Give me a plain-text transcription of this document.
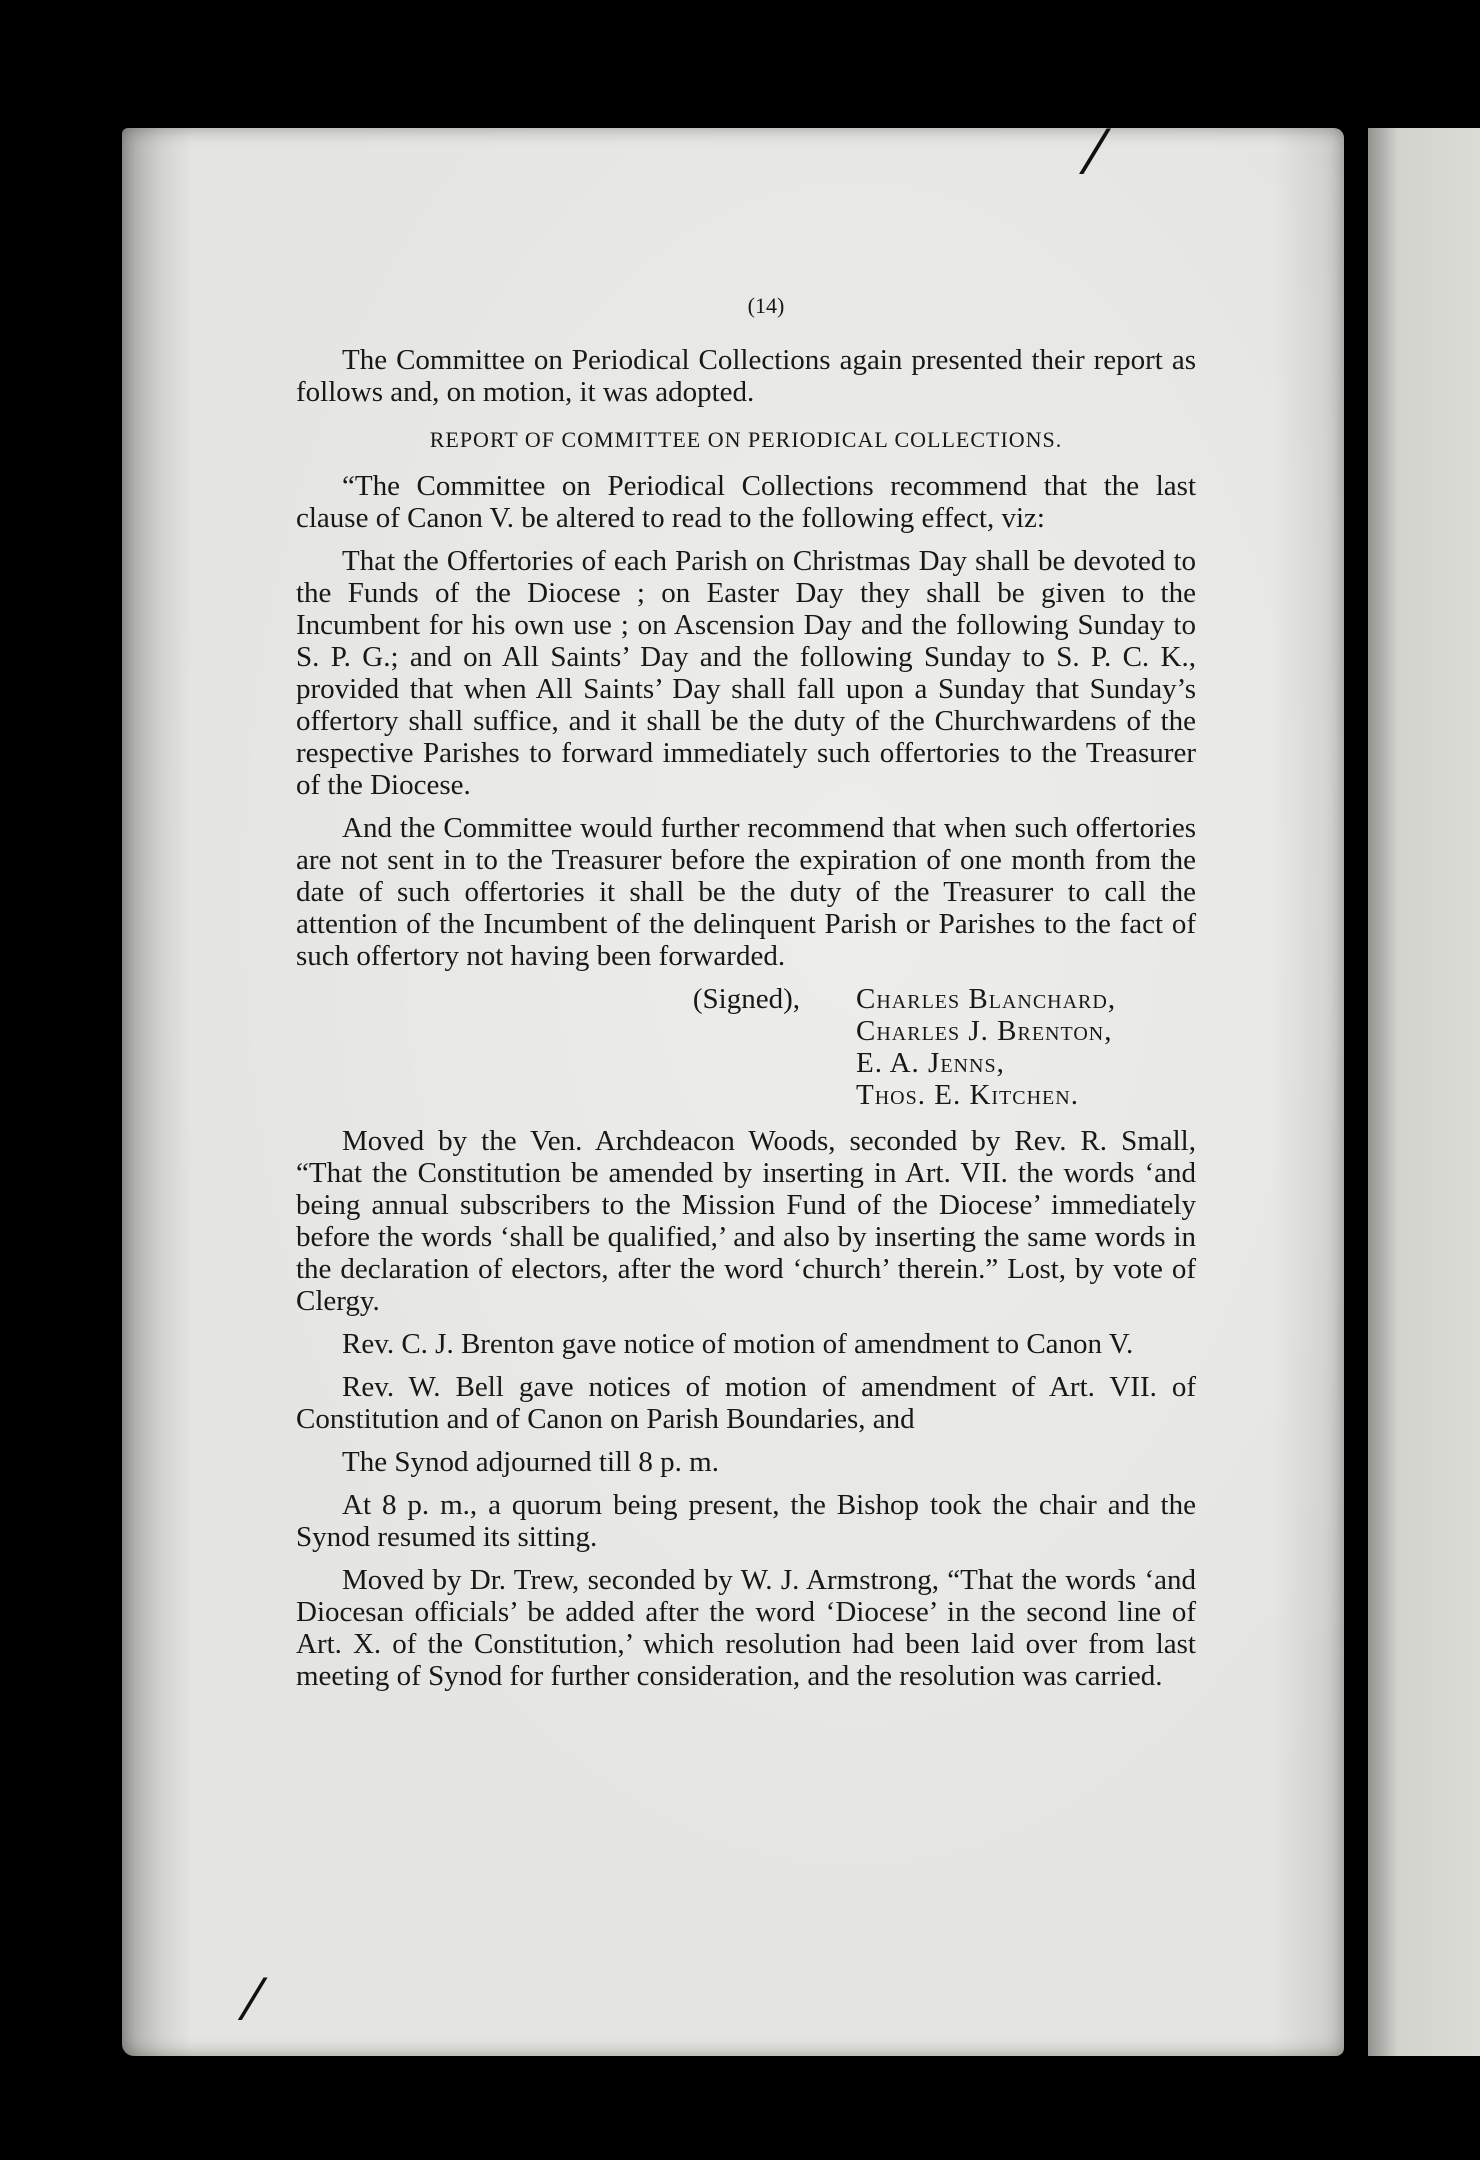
⁄
⁄
(14)

The Committee on Periodical Collections again presented their report as follows and, on motion, it was adopted.

REPORT OF COMMITTEE ON PERIODICAL COLLECTIONS.

“The Committee on Periodical Collections recommend that the last clause of Canon V. be altered to read to the following effect, viz:

That the Offertories of each Parish on Christmas Day shall be devoted to the Funds of the Diocese ; on Easter Day they shall be given to the Incumbent for his own use ; on Ascension Day and the following Sunday to S. P. G.; and on All Saints’ Day and the following Sunday to S. P. C. K., provided that when All Saints’ Day shall fall upon a Sunday that Sunday’s offertory shall suffice, and it shall be the duty of the Churchwardens of the respective Parishes to forward immediately such offertories to the Treasurer of the Diocese.

And the Committee would further recommend that when such offertories are not sent in to the Treasurer before the expiration of one month from the date of such offertories it shall be the duty of the Treasurer to call the attention of the Incumbent of the delinquent Parish or Parishes to the fact of such offertory not having been forwarded.

(Signed),	Charles Blanchard,
Charles J. Brenton,
E. A. Jenns,
Thos. E. Kitchen.

Moved by the Ven. Archdeacon Woods, seconded by Rev. R. Small, “That the Constitution be amended by inserting in Art. VII. the words ‘and being annual subscribers to the Mission Fund of the Diocese’ immediately before the words ‘shall be qualified,’ and also by inserting the same words in the declaration of electors, after the word ‘church’ therein.” Lost, by vote of Clergy.

Rev. C. J. Brenton gave notice of motion of amendment to Canon V.

Rev. W. Bell gave notices of motion of amendment of Art. VII. of Constitution and of Canon on Parish Boundaries, and

The Synod adjourned till 8 p. m.

At 8 p. m., a quorum being present, the Bishop took the chair and the Synod resumed its sitting.

Moved by Dr. Trew, seconded by W. J. Armstrong, “That the words ‘and Diocesan officials’ be added after the word ‘Diocese’ in the second line of Art. X. of the Constitution,’ which resolution had been laid over from last meeting of Synod for further consideration, and the resolution was carried.
